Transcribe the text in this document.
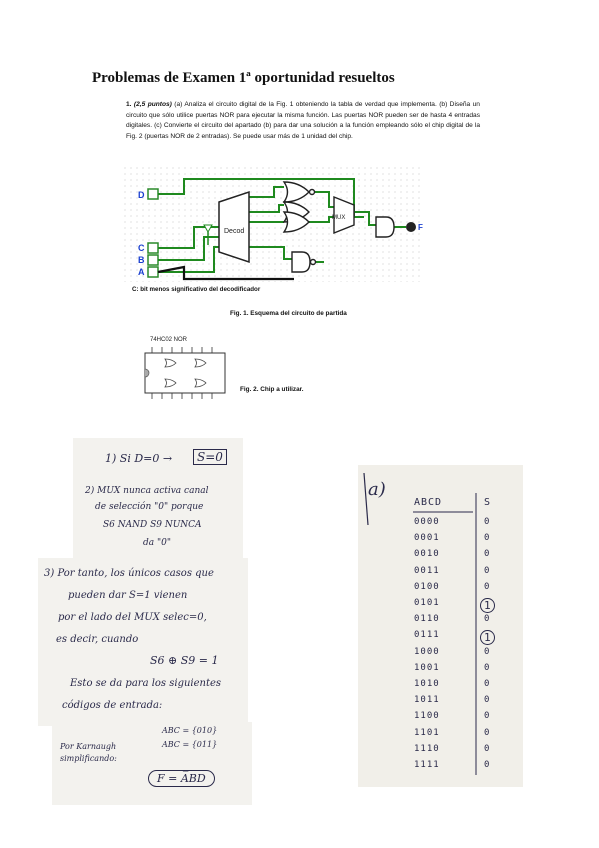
Problemas de Examen 1ª oportunidad resueltos
1. (2,5 puntos) (a) Analiza el circuito digital de la Fig. 1 obteniendo la tabla de verdad que implementa. (b) Diseña un circuito que sólo utilice puertas NOR para ejecutar la misma función. Las puertas NOR pueden ser de hasta 4 entradas digitales. (c) Convierte el circuito del apartado (b) para dar una solución a la función empleando sólo el chip digital de la Fig. 2 (puertas NOR de 2 entradas). Se puede usar más de 1 unidad del chip.
D
C
B
A
Decod
MUX
F
C: bit menos significativo del decodificador
Fig. 1. Esquema del circuito de partida
74HC02 NOR
Fig. 2. Chip a utilizar.
1) Si D=0 →	S=0
2) MUX nunca activa canal
de selección "0" porque
S6 NAND S9 NUNCA
da "0"
3) Por tanto, los únicos casos que
pueden dar S=1 vienen
por el lado del MUX selec=0,
es decir, cuando
S6 ⊕ S9 = 1
Esto se da para los siguientes
códigos de entrada:
Por Karnaugh
simplificando:
ABC = {010}
ABC = {011}
F = A̅BD
a)
ABCD	S
0000	0
0001	0
0010	0
0011	0
0100	0
0101	1
0110	0
0111	1
1000	0
1001	0
1010	0
1011	0
1100	0
1101	0
1110	0
1111	0
